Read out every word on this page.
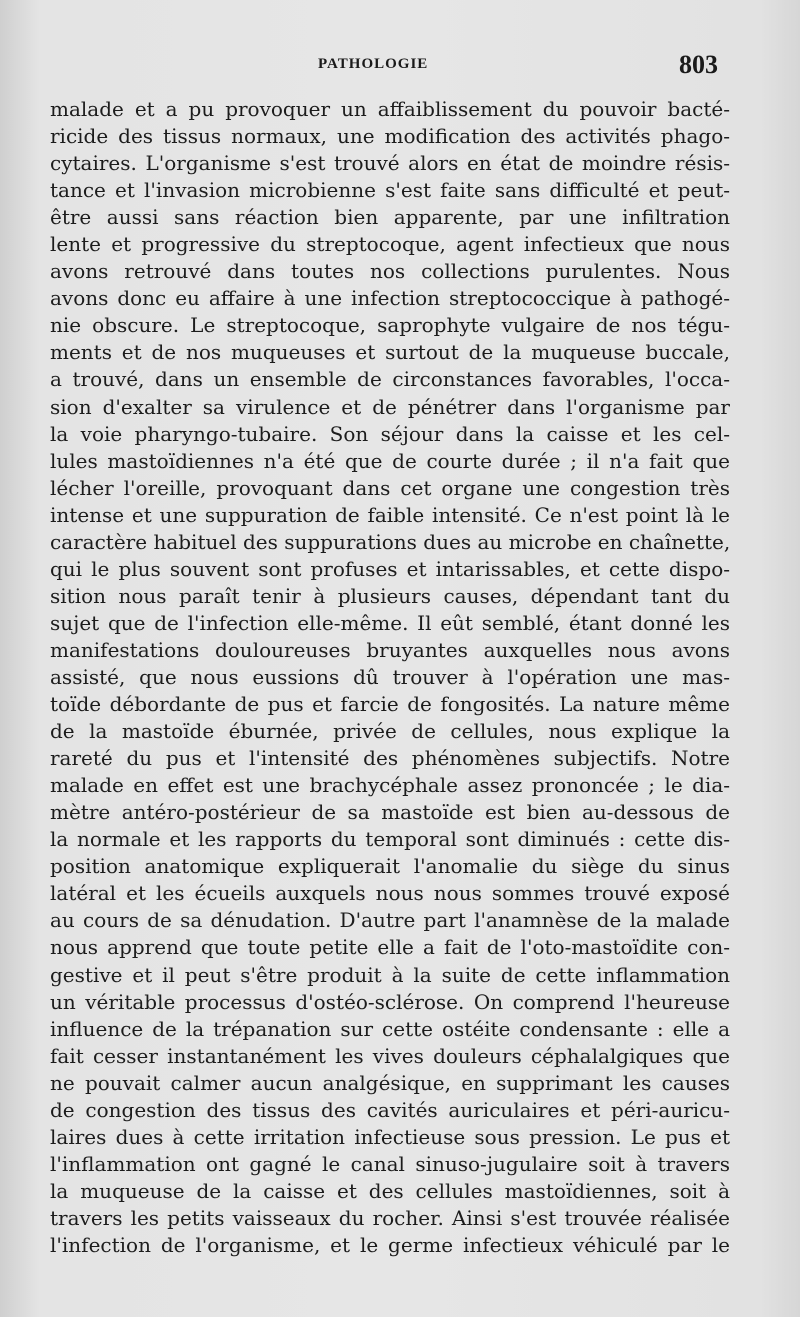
PATHOLOGIE	803
malade et a pu provoquer un affaiblissement du pouvoir bacté-
ricide des tissus normaux, une modification des activités phago-
cytaires. L'organisme s'est trouvé alors en état de moindre résis-
tance et l'invasion microbienne s'est faite sans difficulté et peut-
être aussi sans réaction bien apparente, par une infiltration
lente et progressive du streptocoque, agent infectieux que nous
avons retrouvé dans toutes nos collections purulentes. Nous
avons donc eu affaire à une infection streptococcique à pathogé-
nie obscure. Le streptocoque, saprophyte vulgaire de nos tégu-
ments et de nos muqueuses et surtout de la muqueuse buccale,
a trouvé, dans un ensemble de circonstances favorables, l'occa-
sion d'exalter sa virulence et de pénétrer dans l'organisme par
la voie pharyngo-tubaire. Son séjour dans la caisse et les cel-
lules mastoïdiennes n'a été que de courte durée ; il n'a fait que
lécher l'oreille, provoquant dans cet organe une congestion très
intense et une suppuration de faible intensité. Ce n'est point là le
caractère habituel des suppurations dues au microbe en chaînette,
qui le plus souvent sont profuses et intarissables, et cette dispo-
sition nous paraît tenir à plusieurs causes, dépendant tant du
sujet que de l'infection elle-même. Il eût semblé, étant donné les
manifestations douloureuses bruyantes auxquelles nous avons
assisté, que nous eussions dû trouver à l'opération une mas-
toïde débordante de pus et farcie de fongosités. La nature même
de la mastoïde éburnée, privée de cellules, nous explique la
rareté du pus et l'intensité des phénomènes subjectifs. Notre
malade en effet est une brachycéphale assez prononcée ; le dia-
mètre antéro-postérieur de sa mastoïde est bien au-dessous de
la normale et les rapports du temporal sont diminués : cette dis-
position anatomique expliquerait l'anomalie du siège du sinus
latéral et les écueils auxquels nous nous sommes trouvé exposé
au cours de sa dénudation. D'autre part l'anamnèse de la malade
nous apprend que toute petite elle a fait de l'oto-mastoïdite con-
gestive et il peut s'être produit à la suite de cette inflammation
un véritable processus d'ostéo-sclérose. On comprend l'heureuse
influence de la trépanation sur cette ostéite condensante : elle a
fait cesser instantanément les vives douleurs céphalalgiques que
ne pouvait calmer aucun analgésique, en supprimant les causes
de congestion des tissus des cavités auriculaires et péri-auricu-
laires dues à cette irritation infectieuse sous pression. Le pus et
l'inflammation ont gagné le canal sinuso-jugulaire soit à travers
la muqueuse de la caisse et des cellules mastoïdiennes, soit à
travers les petits vaisseaux du rocher. Ainsi s'est trouvée réalisée
l'infection de l'organisme, et le germe infectieux véhiculé par le
